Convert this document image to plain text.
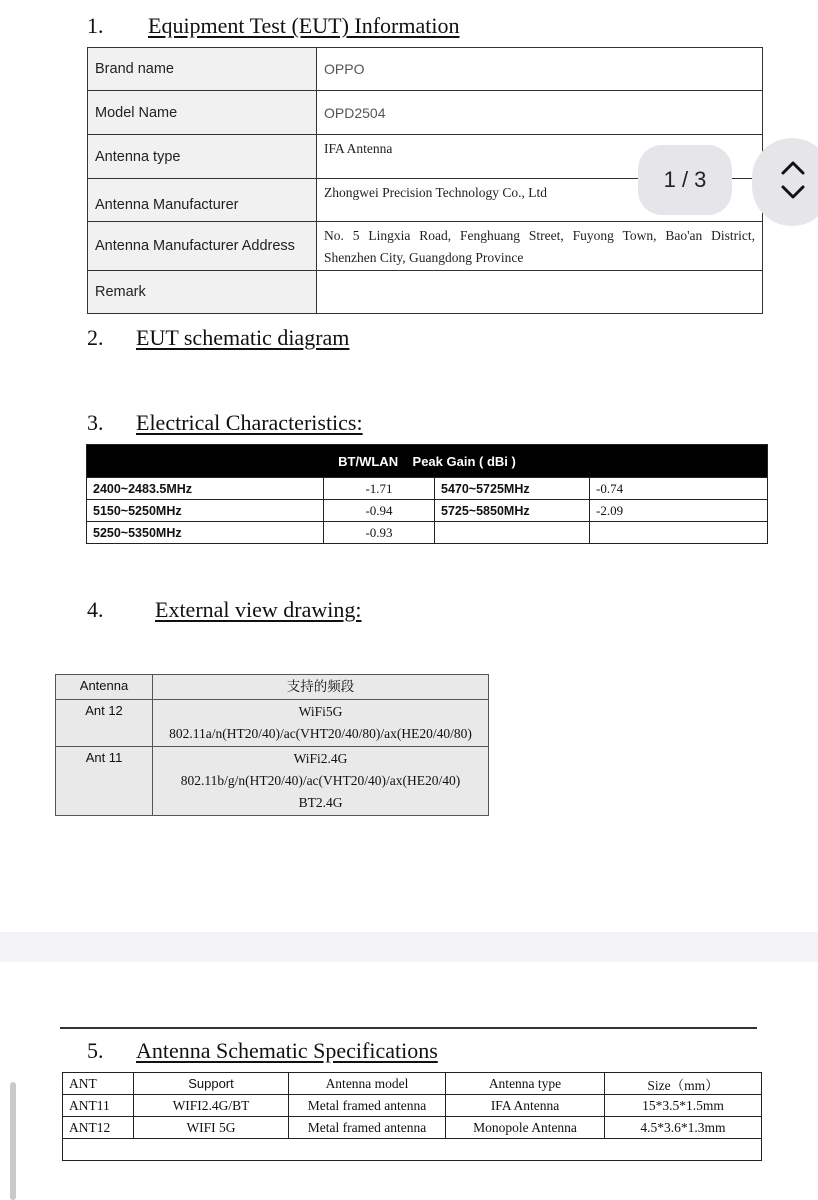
1. Equipment Test (EUT) Information
Brand name	OPPO
Model Name	OPD2504
Antenna type	IFA Antenna
Antenna Manufacturer	Zhongwei Precision Technology Co., Ltd
Antenna Manufacturer Address	No. 5 Lingxia Road, Fenghuang Street, Fuyong Town, Bao'an District, Shenzhen City, Guangdong Province
Remark	
2. EUT schematic diagram
3. Electrical Characteristics:
BT/WLAN    Peak Gain ( dBi )			
2400~2483.5MHz	-1.71	5470~5725MHz	-0.74
5150~5250MHz	-0.94	5725~5850MHz	-2.09
5250~5350MHz	-0.93		
4.	External view drawing:
Antenna	支持的频段
Ant 12	WiFi5G
802.11a/n(HT20/40)/ac(VHT20/40/80)/ax(HE20/40/80)

Ant 11	WiFi2.4G
802.11b/g/n(HT20/40)/ac(VHT20/40)/ax(HE20/40)
BT2.4G
5. Antenna Schematic Specifications
ANT	Support	Antenna model	Antenna type	Size（mm）
ANT11	WIFI2.4G/BT	Metal framed antenna	IFA Antenna	15*3.5*1.5mm
ANT12	WIFI 5G	Metal framed antenna	Monopole Antenna	4.5*3.6*1.3mm

1 / 3
